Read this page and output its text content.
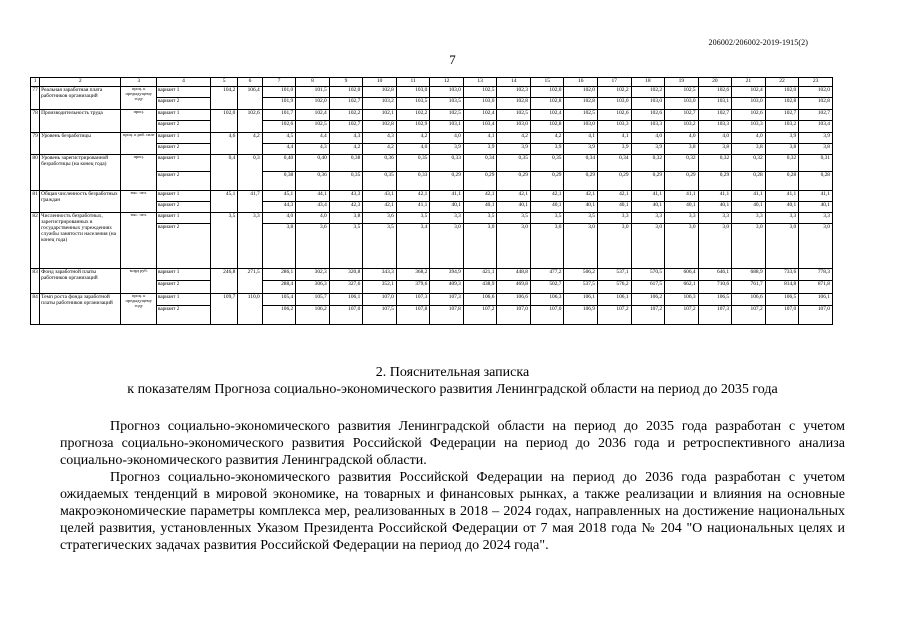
206002/206002-2019-1915(2)
7
1	2	3	4	5	6	7	8	9	10	11	12	13	14	15	16	17	18	19	20	21	22	23
77	Реальная заработная плата работников организаций	проц. к предыдущему году	вариант 1	104,2	106,4	101,0	101,5	102,0	102,8	103,0	103,0	102,5	102,3	102,0	102,0	102,2	102,2	102,5	102,6	102,4	102,0	102,0
			вариант 2			101,9	102,0	102,7	103,2	103,5	103,5	103,0	102,8	102,8	102,8	103,0	103,0	103,0	103,1	103,0	102,8	102,8
78	Производительность труда	проц.	вариант 1	102,0	102,6	101,7	102,4	102,2	102,1	102,2	102,5	102,4	102,5	102,4	102,5	102,6	102,6	102,7	102,7	102,6	102,7	102,7
			вариант 2			102,6	102,5	102,7	102,8	102,9	103,1	103,4	103,0	102,8	103,0	103,3	103,3	103,2	103,3	103,3	103,2	103,4
79	Уровень безработицы	проц. к раб. силе	вариант 1	4,6	4,2	4,5	4,4	4,3	4,3	4,2	4,0	4,1	4,2	4,2	4,1	4,1	4,0	4,0	4,0	4,0	3,9	3,9
			вариант 2			4,4	4,3	4,2	4,2	4,0	3,9	3,9	3,9	3,9	3,9	3,9	3,9	3,8	3,8	3,8	3,8	3,8
80	Уровень зарегистрированной безработицы (на конец года)	проц.	вариант 1	0,4	0,3	0,40	0,40	0,38	0,36	0,35	0,33	0,34	0,35	0,35	0,34	0,34	0,32	0,32	0,32	0,32	0,32	0,31
			вариант 2			0,38	0,36	0,35	0,35	0,33	0,29	0,29	0,29	0,29	0,29	0,29	0,29	0,29	0,29	0,28	0,28	0,28
81	Общая численность безработных граждан	тыс. чел.	вариант 1	45,1	41,7	45,1	44,1	43,3	43,1	42,1	41,1	42,1	42,1	42,1	42,1	42,1	41,1	41,1	41,1	41,1	41,1	41,1
			вариант 2			44,3	43,4	42,3	42,1	41,1	40,1	40,1	40,1	40,1	40,1	40,1	40,1	40,1	40,1	40,1	40,1	40,1
82	Численность безработных, зарегистрированных в государственных учреждениях службы занятости населения (на конец года)	тыс. чел.	вариант 1	3,5	3,3	4,0	4,0	3,8	3,6	3,5	3,3	3,5	3,5	3,5	3,5	3,3	3,3	3,3	3,3	3,3	3,3	3,3
			вариант 2			3,8	3,6	3,5	3,5	3,4	3,0	3,0	3,0	3,0	3,0	3,0	3,0	3,0	3,0	3,0	3,0	3,0
83	Фонд заработной платы работников организаций	млрд руб.	вариант 1	246,8	271,5	286,1	302,3	320,8	343,3	368,2	394,9	421,1	448,8	477,2	506,2	537,1	570,5	606,4	646,1	688,9	733,6	778,3
			вариант 2			288,4	306,3	327,6	352,1	379,6	409,3	438,9	469,8	502,7	537,5	576,2	617,5	662,1	710,6	761,7	814,8	871,8
84	Темп роста фонда заработной платы работников организаций	проц. к предыдущему году	вариант 1	109,7	110,0	105,4	105,7	106,1	107,0	107,3	107,3	106,6	106,6	106,3	106,1	106,1	106,2	106,3	106,5	106,6	106,5	106,1
			вариант 2			106,2	106,2	107,0	107,5	107,8	107,8	107,2	107,0	107,0	106,9	107,2	107,2	107,2	107,3	107,2	107,0	107,0
2. Пояснительная записка
к показателям Прогноза социально-экономического развития Ленинградской области на период до 2035 года
Прогноз социально-экономического развития Ленинградской области на период до 2035 года разработан с учетом прогноза социально-экономического развития Российской Федерации на период до 2036 года и ретроспективного анализа социально-экономического развития Ленинградской области.
Прогноз социально-экономического развития Российской Федерации на период до 2036 года разработан с учетом ожидаемых тенденций в мировой экономике, на товарных и финансовых рынках, а также реализации и влияния на основные макроэкономические параметры комплекса мер, реализованных в 2018 – 2024 годах, направленных на достижение национальных целей развития, установленных Указом Президента Российской Федерации от 7 мая 2018 года № 204 "О национальных целях и стратегических задачах развития Российской Федерации на период до 2024 года".
